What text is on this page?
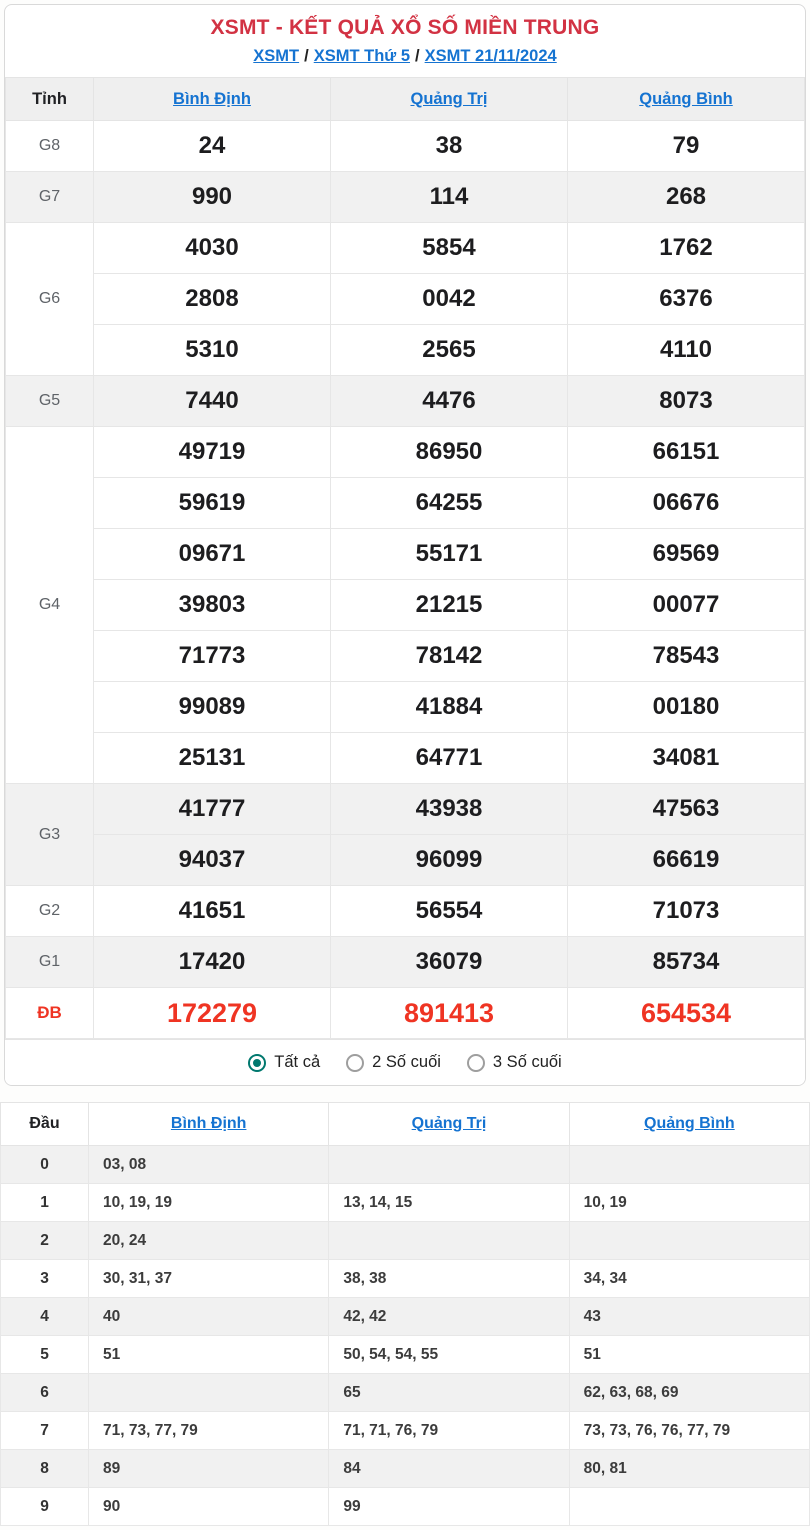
XSMT - KẾT QUẢ XỔ SỐ MIỀN TRUNG
XSMT / XSMT Thứ 5 / XSMT 21/11/2024
Tỉnh	Bình Định	Quảng Trị	Quảng Bình
G8	24	38	79
G7	990	114	268
G6	4030	5854	1762
	2808	0042	6376
	5310	2565	4110
G5	7440	4476	8073
G4	49719	86950	66151
	59619	64255	06676
	09671	55171	69569
	39803	21215	00077
	71773	78142	78543
	99089	41884	00180
	25131	64771	34081
G3	41777	43938	47563
	94037	96099	66619
G2	41651	56554	71073
G1	17420	36079	85734
ĐB	172279	891413	654534
Tất cả	2 Số cuối	3 Số cuối
Đầu	Bình Định	Quảng Trị	Quảng Bình
0	03, 08		
1	10, 19, 19	13, 14, 15	10, 19
2	20, 24		
3	30, 31, 37	38, 38	34, 34
4	40	42, 42	43
5	51	50, 54, 54, 55	51
6		65	62, 63, 68, 69
7	71, 73, 77, 79	71, 71, 76, 79	73, 73, 76, 76, 77, 79
8	89	84	80, 81
9	90	99	
